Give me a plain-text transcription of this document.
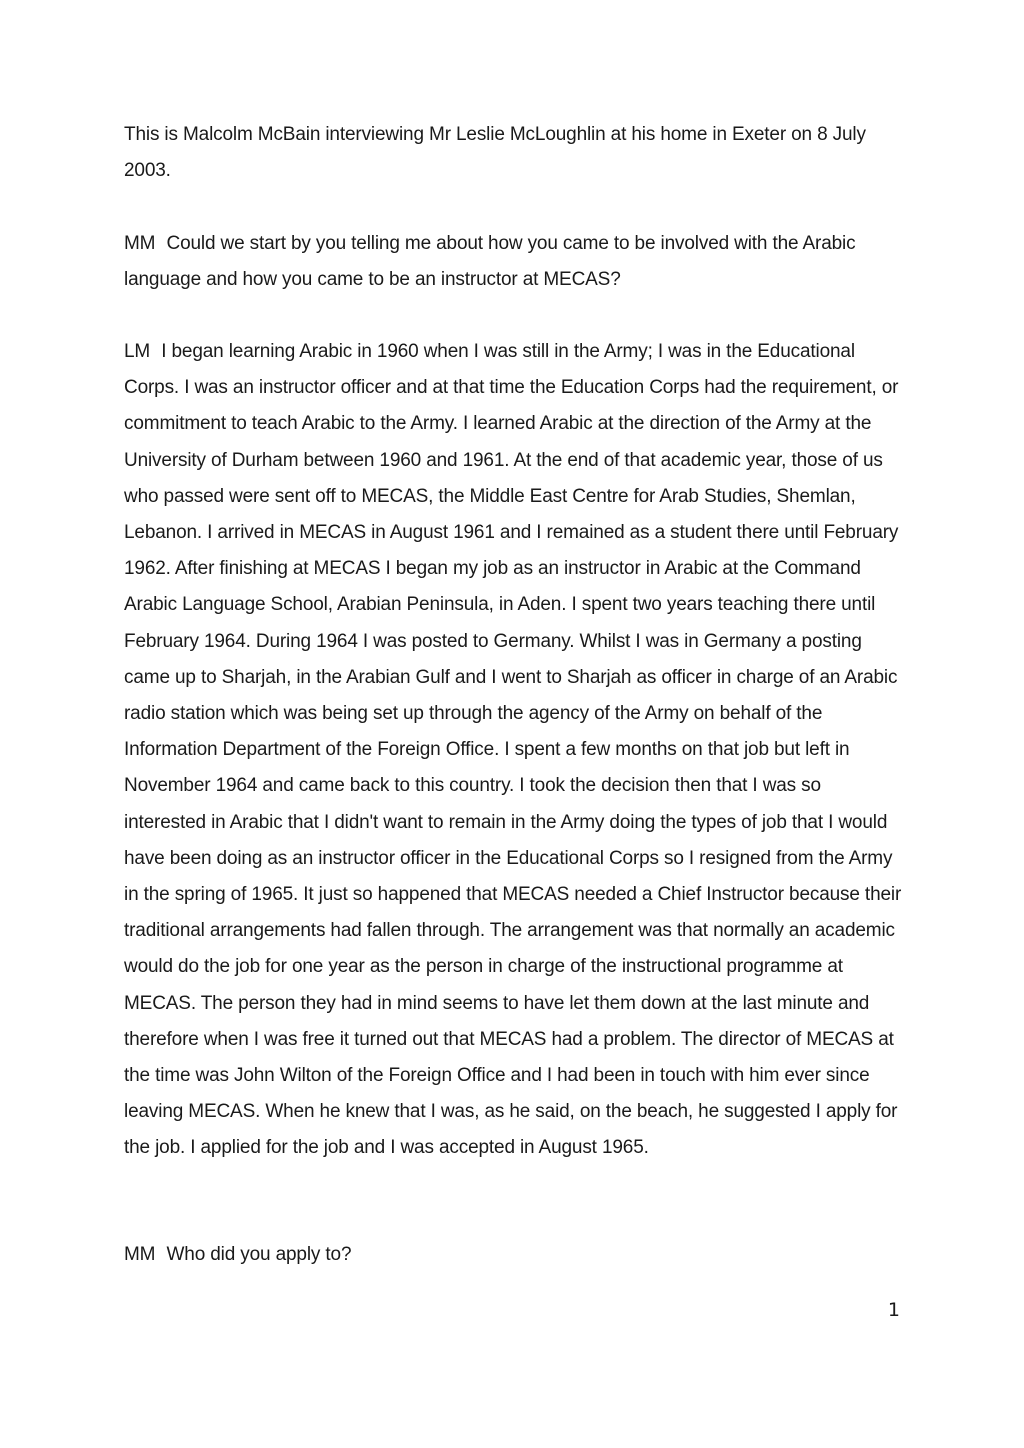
This is Malcolm McBain interviewing Mr Leslie McLoughlin at his home in Exeter on 8 July 2003.

MM Could we start by you telling me about how you came to be involved with the Arabic language and how you came to be an instructor at MECAS?

LM I began learning Arabic in 1960 when I was still in the Army; I was in the Educational Corps. I was an instructor officer and at that time the Education Corps had the requirement, or commitment to teach Arabic to the Army. I learned Arabic at the direction of the Army at the University of Durham between 1960 and 1961. At the end of that academic year, those of us who passed were sent off to MECAS, the Middle East Centre for Arab Studies, Shemlan, Lebanon. I arrived in MECAS in August 1961 and I remained as a student there until February 1962. After finishing at MECAS I began my job as an instructor in Arabic at the Command Arabic Language School, Arabian Peninsula, in Aden. I spent two years teaching there until February 1964. During 1964 I was posted to Germany. Whilst I was in Germany a posting came up to Sharjah, in the Arabian Gulf and I went to Sharjah as officer in charge of an Arabic radio station which was being set up through the agency of the Army on behalf of the Information Department of the Foreign Office. I spent a few months on that job but left in November 1964 and came back to this country. I took the decision then that I was so interested in Arabic that I didn't want to remain in the Army doing the types of job that I would have been doing as an instructor officer in the Educational Corps so I resigned from the Army in the spring of 1965. It just so happened that MECAS needed a Chief Instructor because their traditional arrangements had fallen through. The arrangement was that normally an academic would do the job for one year as the person in charge of the instructional programme at MECAS. The person they had in mind seems to have let them down at the last minute and therefore when I was free it turned out that MECAS had a problem. The director of MECAS at the time was John Wilton of the Foreign Office and I had been in touch with him ever since leaving MECAS. When he knew that I was, as he said, on the beach, he suggested I apply for the job. I applied for the job and I was accepted in August 1965.

MM Who did you apply to?

1
